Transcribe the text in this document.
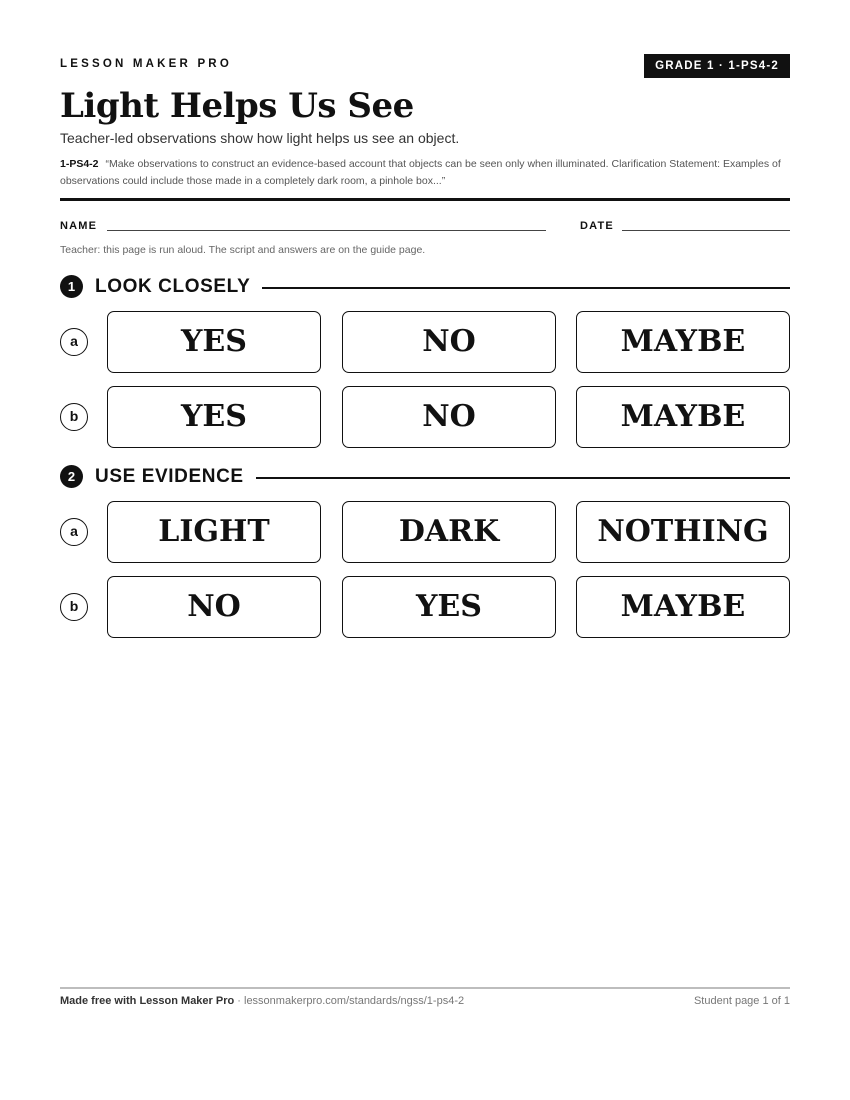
LESSON MAKER PRO	GRADE 1 · 1-PS4-2
Light Helps Us See
Teacher-led observations show how light helps us see an object.
1-PS4-2 “Make observations to construct an evidence-based account that objects can be seen only when illuminated. Clarification Statement: Examples of observations could include those made in a completely dark room, a pinhole box...”
NAME	DATE
Teacher: this page is run aloud. The script and answers are on the guide page.
1	LOOK CLOSELY
a	YES	NO	MAYBE
b	YES	NO	MAYBE
2	USE EVIDENCE
a	LIGHT	DARK	NOTHING
b	NO	YES	MAYBE
Made free with Lesson Maker Pro · lessonmakerpro.com/standards/ngss/1-ps4-2	Student page 1 of 1
